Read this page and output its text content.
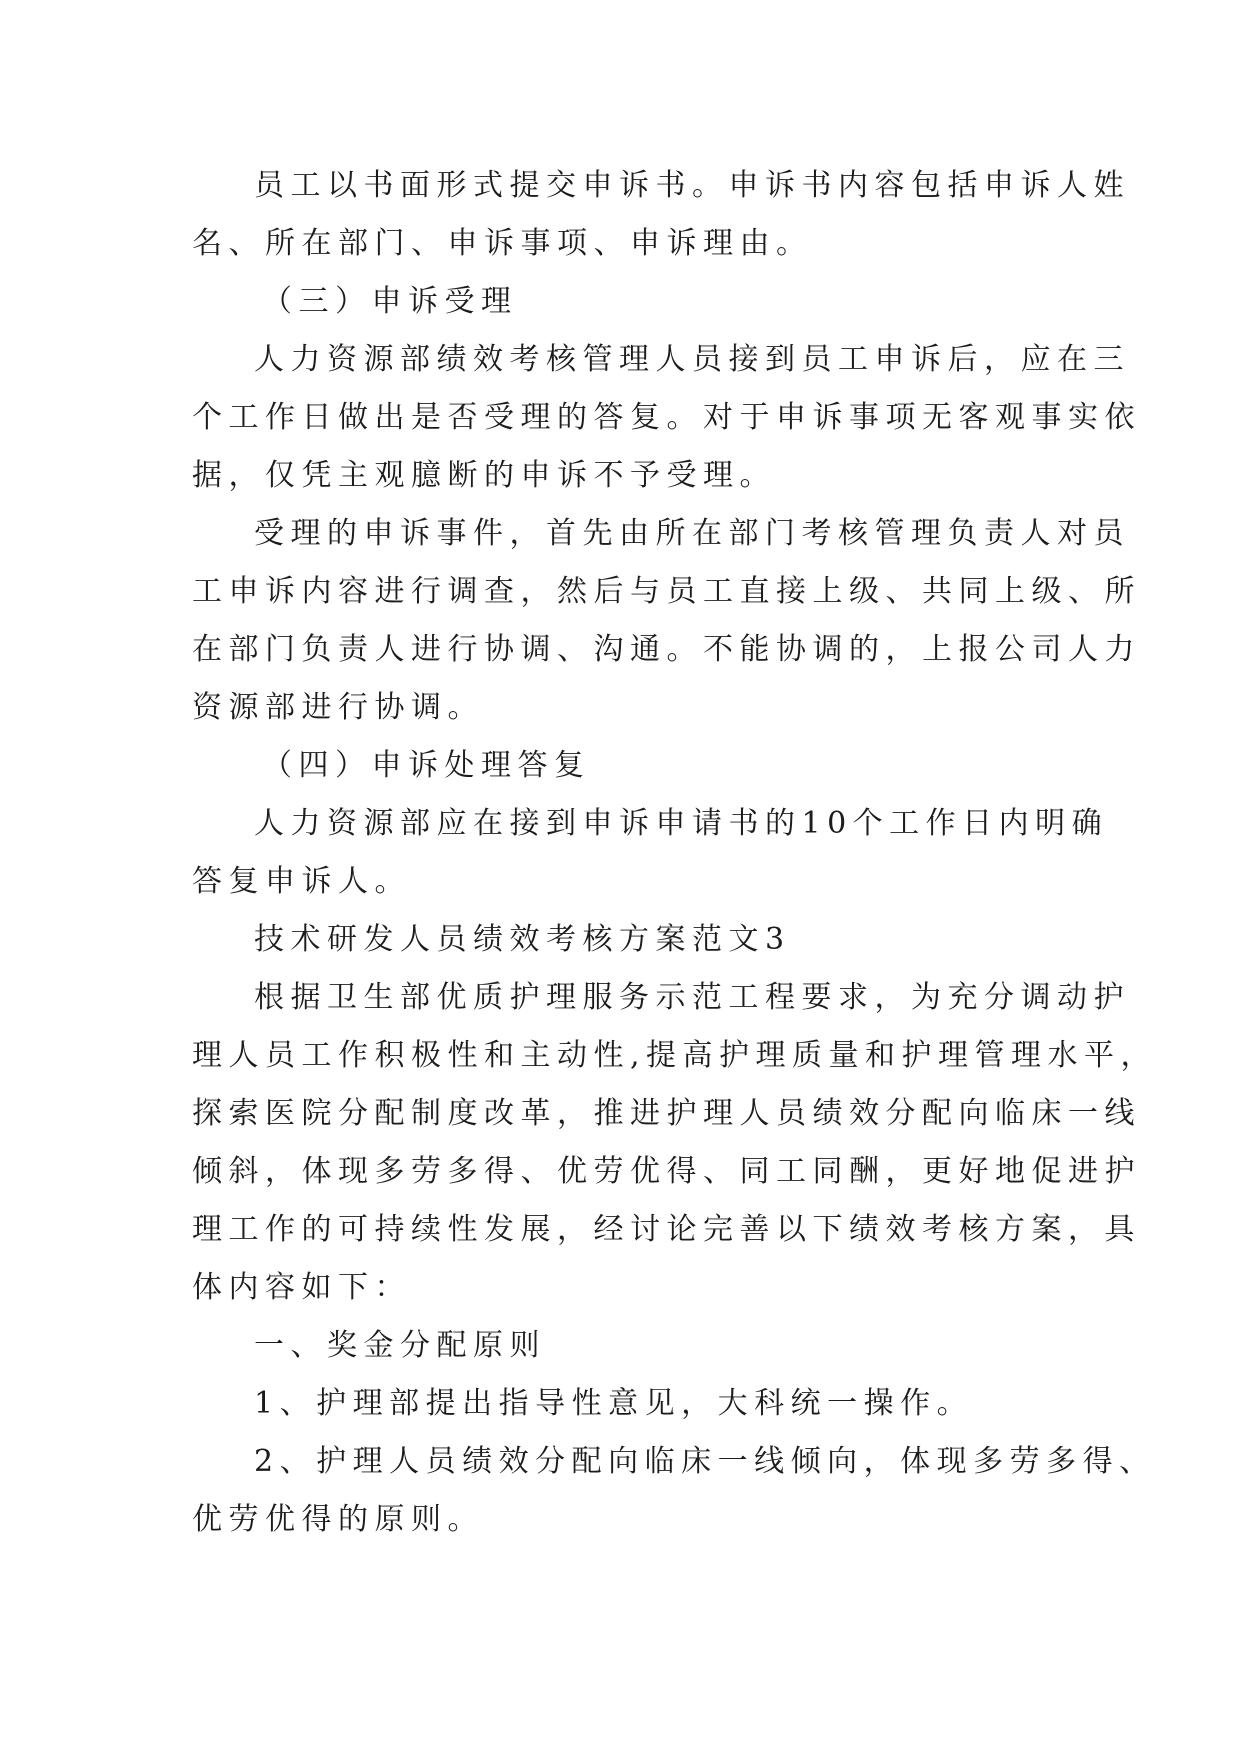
员工以书面形式提交申诉书。申诉书内容包括申诉人姓

名、所在部门、申诉事项、申诉理由。

（三）申诉受理

人力资源部绩效考核管理人员接到员工申诉后，应在三

个工作日做出是否受理的答复。对于申诉事项无客观事实依

据，仅凭主观臆断的申诉不予受理。

受理的申诉事件，首先由所在部门考核管理负责人对员

工申诉内容进行调查，然后与员工直接上级、共同上级、所

在部门负责人进行协调、沟通。不能协调的，上报公司人力

资源部进行协调。

（四）申诉处理答复

人力资源部应在接到申诉申请书的10个工作日内明确

答复申诉人。

技术研发人员绩效考核方案范文3

根据卫生部优质护理服务示范工程要求，为充分调动护

理人员工作积极性和主动性,提高护理质量和护理管理水平，

探索医院分配制度改革，推进护理人员绩效分配向临床一线

倾斜，体现多劳多得、优劳优得、同工同酬，更好地促进护

理工作的可持续性发展，经讨论完善以下绩效考核方案，具

体内容如下：

一、奖金分配原则

1、护理部提出指导性意见，大科统一操作。

2、护理人员绩效分配向临床一线倾向，体现多劳多得、

优劳优得的原则。
